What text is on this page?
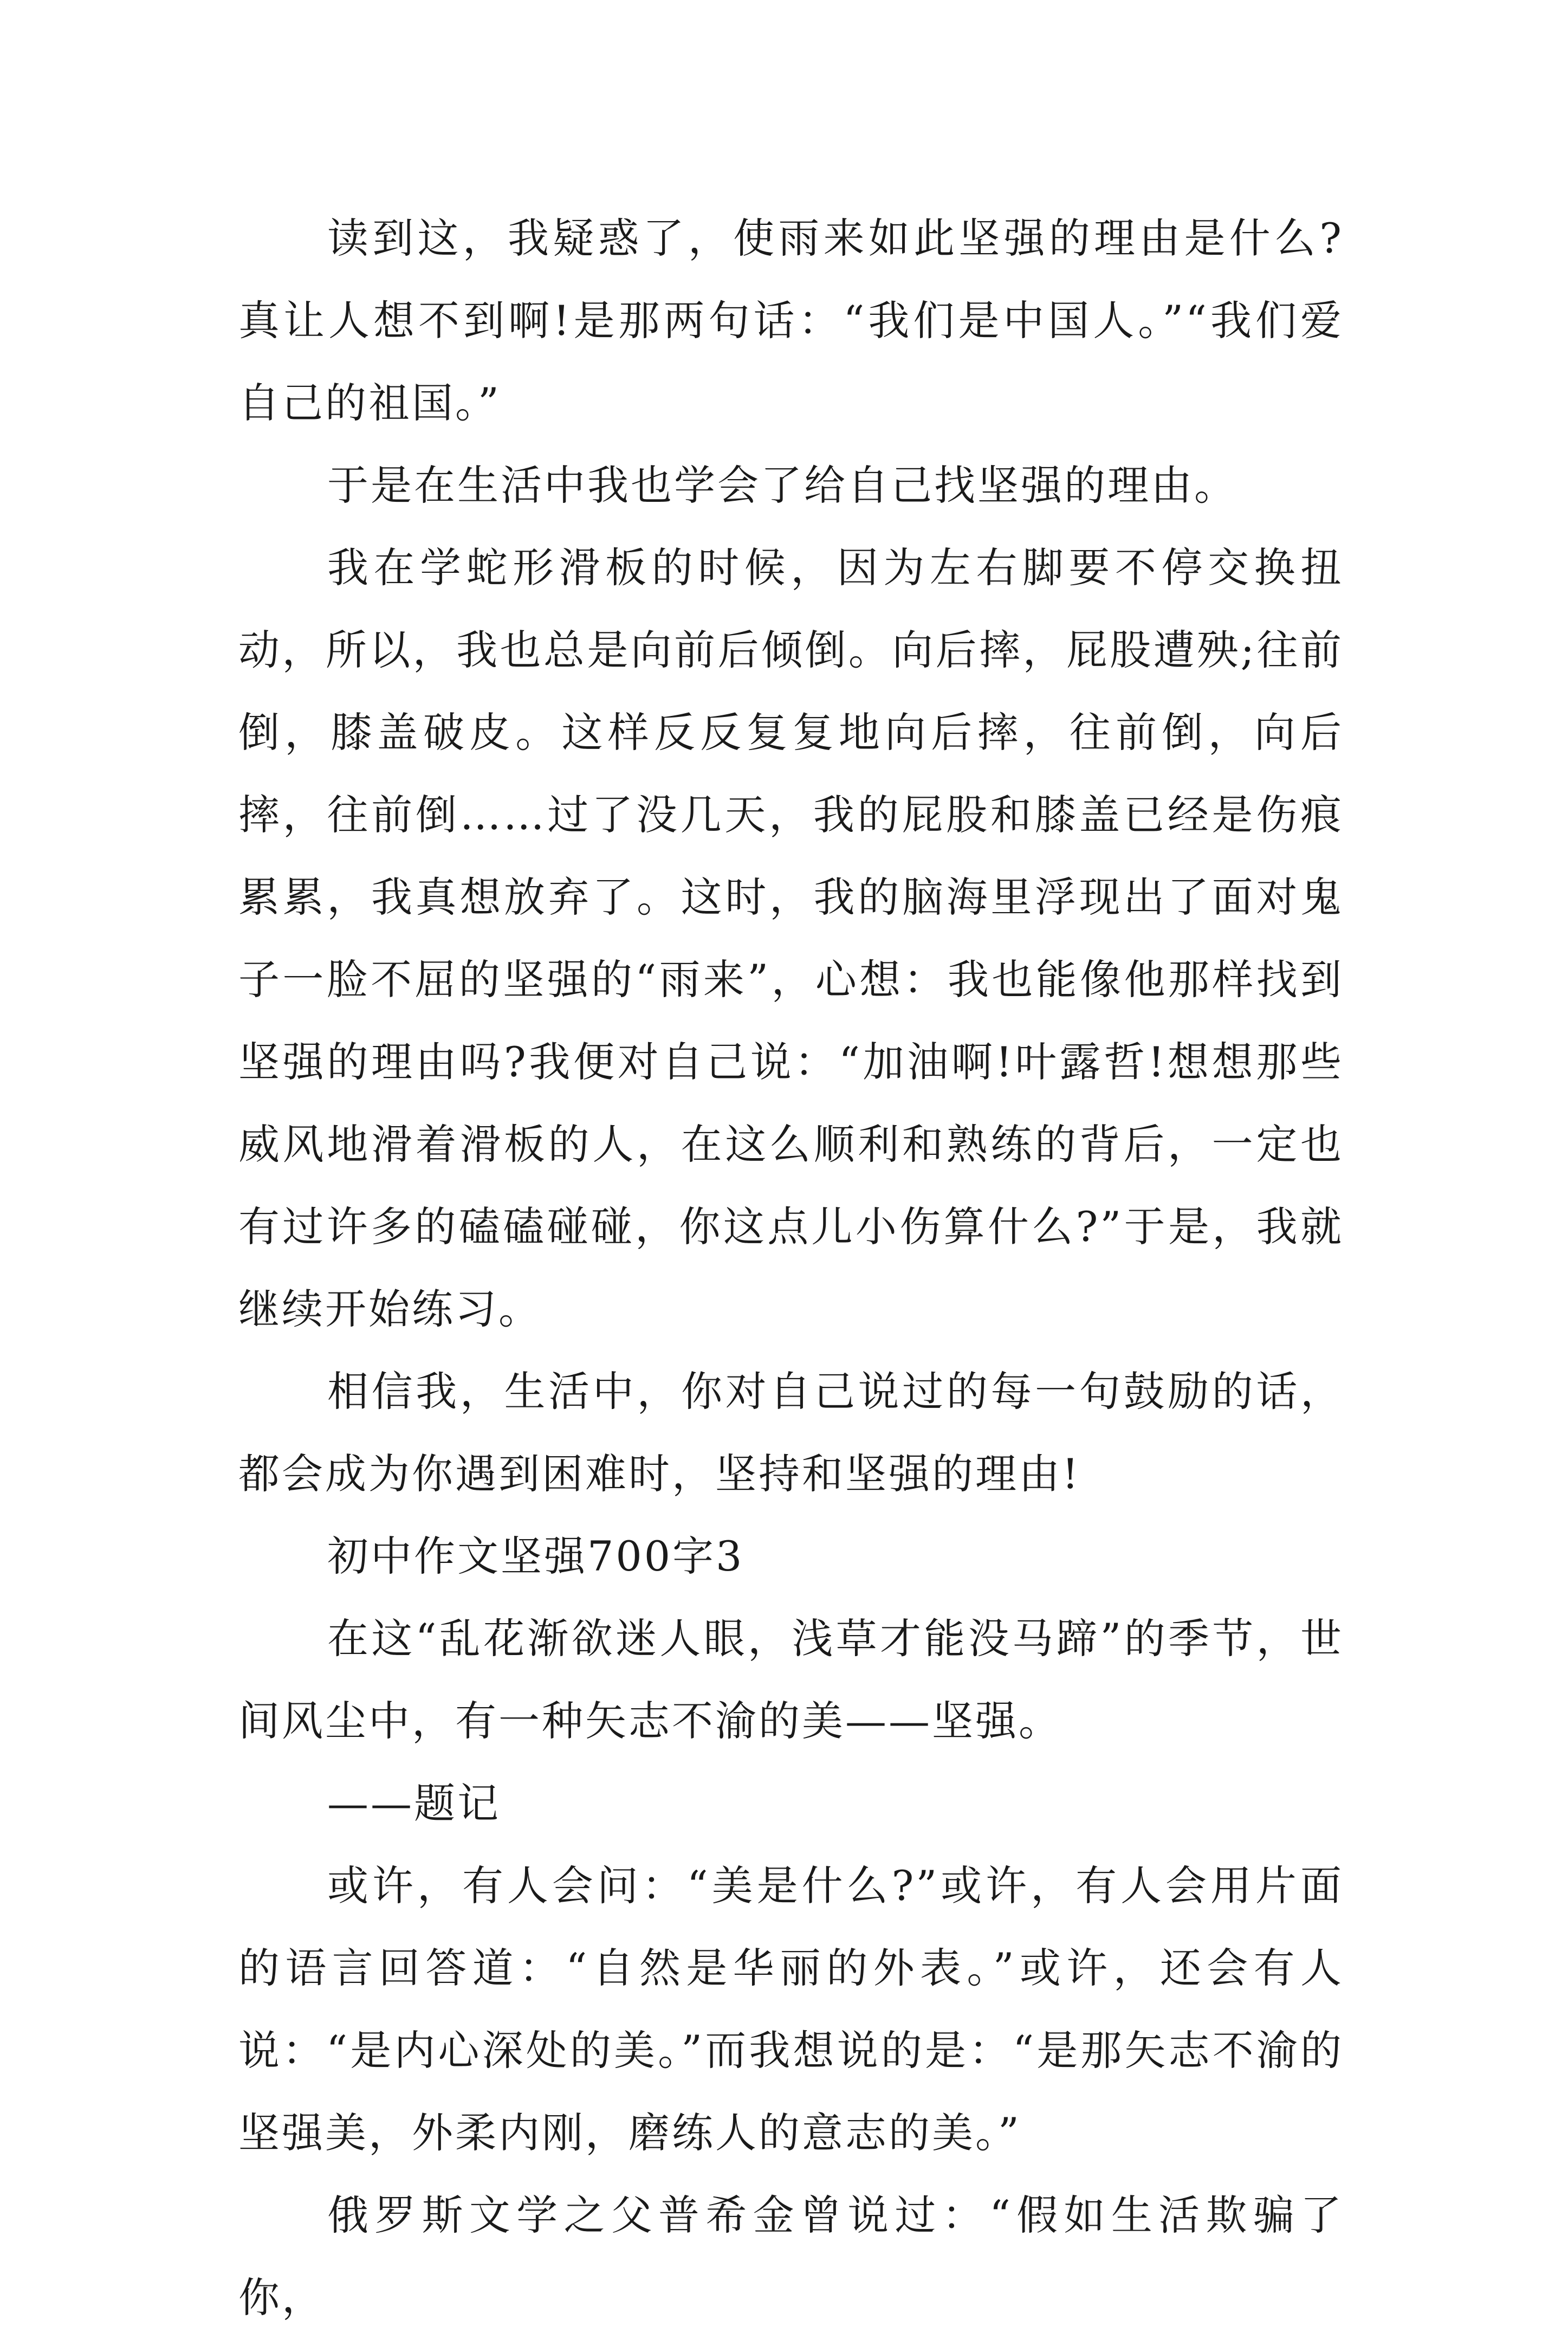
读到这，我疑惑了，使雨来如此坚强的理由是什么?真让人想不到啊!是那两句话：“我们是中国人。”“我们爱自己的祖国。”

于是在生活中我也学会了给自己找坚强的理由。

我在学蛇形滑板的时候，因为左右脚要不停交换扭动，所以，我也总是向前后倾倒。向后摔，屁股遭殃;往前倒，膝盖破皮。这样反反复复地向后摔，往前倒，向后摔，往前倒……过了没几天，我的屁股和膝盖已经是伤痕累累，我真想放弃了。这时，我的脑海里浮现出了面对鬼子一脸不屈的坚强的“雨来”，心想：我也能像他那样找到坚强的理由吗?我便对自己说：“加油啊!叶露哲!想想那些威风地滑着滑板的人，在这么顺利和熟练的背后，一定也有过许多的磕磕碰碰，你这点儿小伤算什么?”于是，我就继续开始练习。

相信我，生活中，你对自己说过的每一句鼓励的话，都会成为你遇到困难时，坚持和坚强的理由!

初中作文坚强700字3

在这“乱花渐欲迷人眼，浅草才能没马蹄”的季节，世间风尘中，有一种矢志不渝的美——坚强。

——题记

或许，有人会问：“美是什么?”或许，有人会用片面的语言回答道：“自然是华丽的外表。”或许，还会有人说：“是内心深处的美。”而我想说的是：“是那矢志不渝的坚强美，外柔内刚，磨练人的意志的美。”

俄罗斯文学之父普希金曾说过：“假如生活欺骗了你，
